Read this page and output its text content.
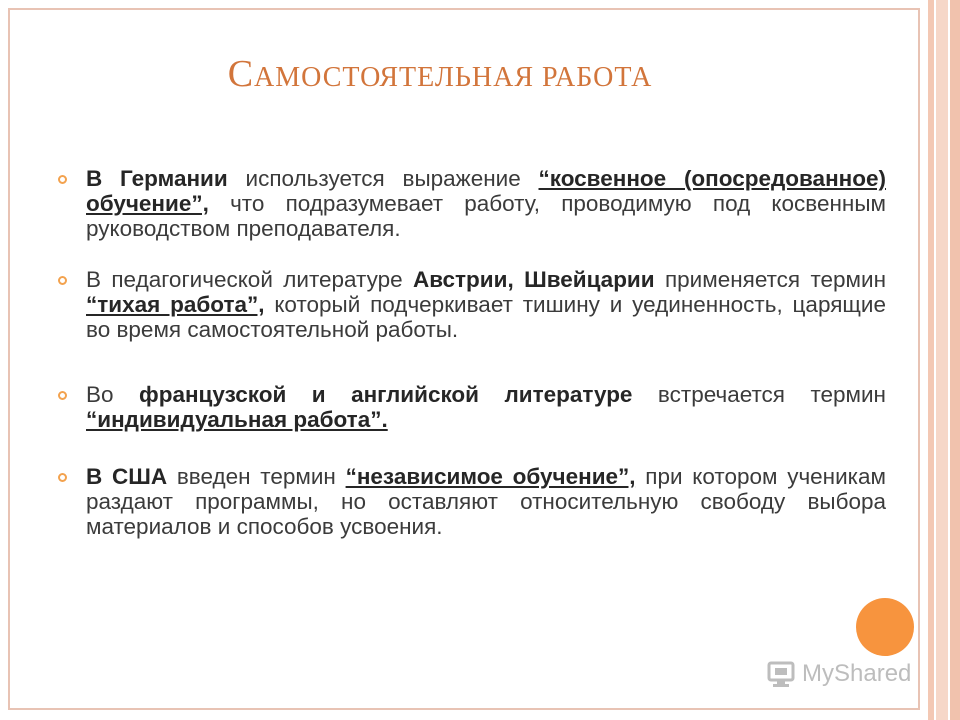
САМОСТОЯТЕЛЬНАЯ РАБОТА
В Германии используется выражение “косвенное (опосредованное) обучение”, что подразумевает работу, проводимую под косвенным руководством преподавателя.
В педагогической литературе Австрии, Швейцарии применяется термин “тихая работа”, который подчеркивает тишину и уединенность, царящие во время самостоятельной работы.
Во французской и английской литературе встречается термин “индивидуальная работа”.
В США введен термин “независимое обучение”, при котором ученикам раздают программы, но оставляют относительную свободу выбора материалов и способов усвоения.
MyShared
